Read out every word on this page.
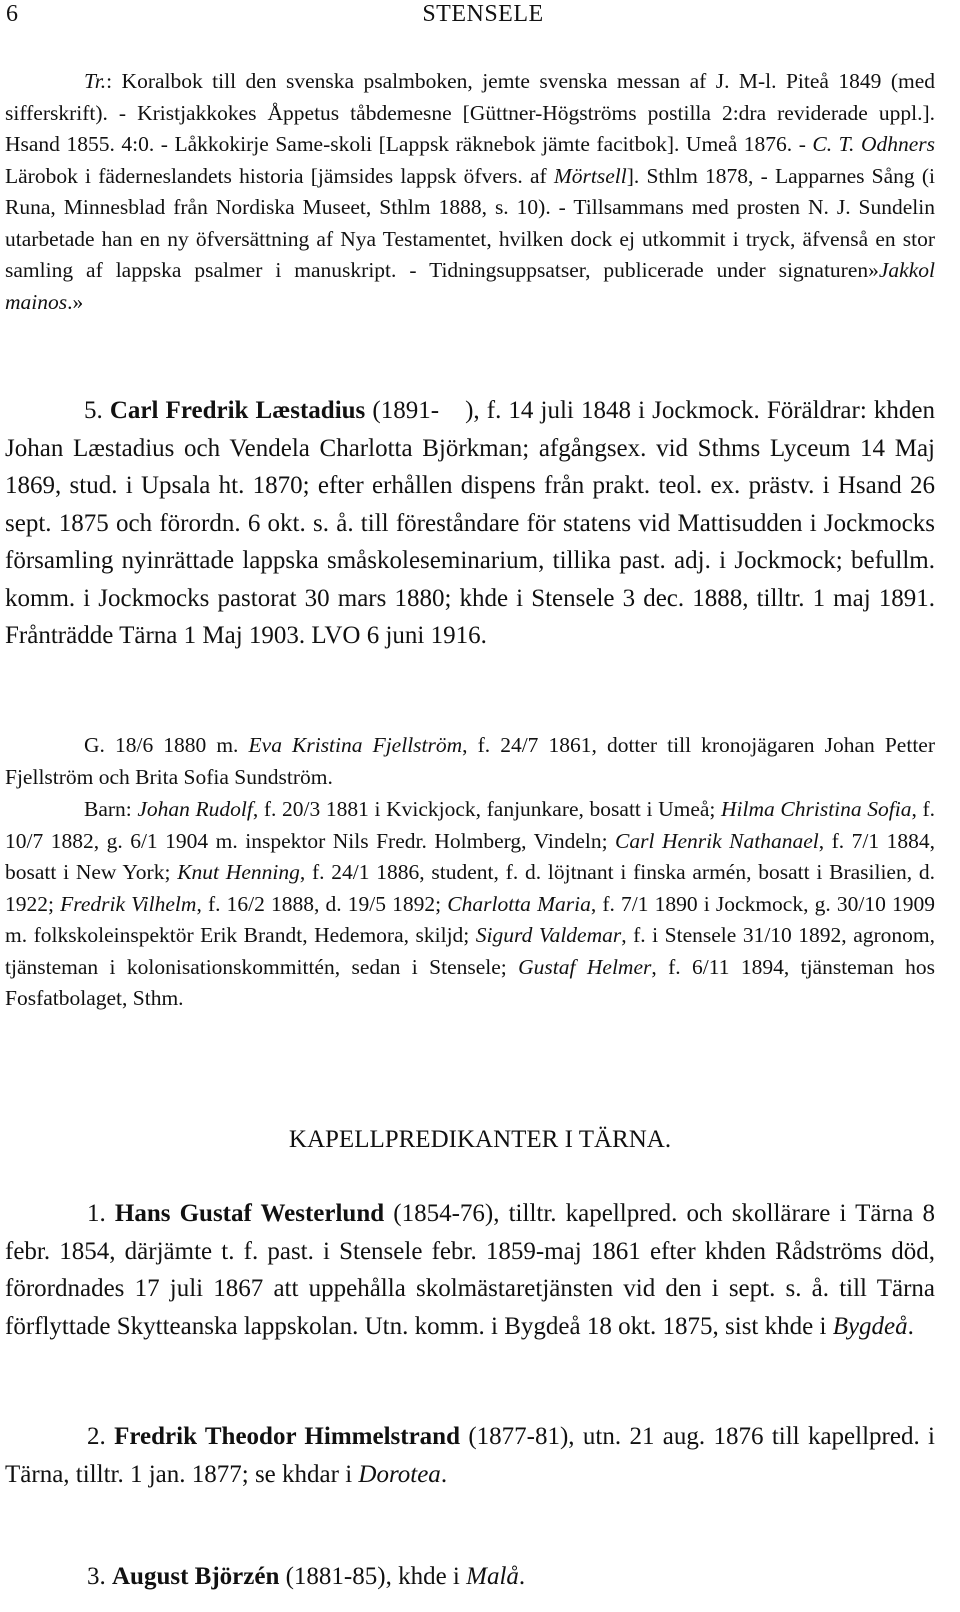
6	STENSELE

Tr.: Koralbok till den svenska psalmboken, jemte svenska messan af J. M-l. Piteå 1849 (med sifferskrift). - Kristjakkokes Åppetus tåbdemesne [Güttner-Högströms postilla 2:dra reviderade uppl.]. Hsand 1855. 4:0. - Låkkokirje Same-skoli [Lappsk räknebok jämte facitbok]. Umeå 1876. - C. T. Odhners Lärobok i fäderneslandets historia [jämsides lappsk öfvers. af Mörtsell]. Sthlm 1878, - Lapparnes Sång (i Runa, Minnesblad från Nordiska Museet, Sthlm 1888, s. 10). - Tillsammans med prosten N. J. Sundelin utarbetade han en ny öfversättning af Nya Testamentet, hvilken dock ej utkommit i tryck, äfvenså en stor samling af lappska psalmer i manuskript. - Tidningsuppsatser, publicerade under signaturen»Jakkol mainos.»

5. Carl Fredrik Læstadius (1891- ), f. 14 juli 1848 i Jockmock. Föräldrar: khden Johan Læstadius och Vendela Charlotta Björkman; afgångsex. vid Sthms Lyceum 14 Maj 1869, stud. i Upsala ht. 1870; efter erhållen dispens från prakt. teol. ex. prästv. i Hsand 26 sept. 1875 och förordn. 6 okt. s. å. till föreståndare för statens vid Mattisudden i Jockmocks församling nyinrättade lappska småskoleseminarium, tillika past. adj. i Jockmock; befullm. komm. i Jockmocks pastorat 30 mars 1880; khde i Stensele 3 dec. 1888, tilltr. 1 maj 1891. Frånträdde Tärna 1 Maj 1903. LVO 6 juni 1916.

G. 18/6 1880 m. Eva Kristina Fjellström, f. 24/7 1861, dotter till kronojägaren Johan Petter Fjellström och Brita Sofia Sundström.

Barn: Johan Rudolf, f. 20/3 1881 i Kvickjock, fanjunkare, bosatt i Umeå; Hilma Christina Sofia, f. 10/7 1882, g. 6/1 1904 m. inspektor Nils Fredr. Holmberg, Vindeln; Carl Henrik Nathanael, f. 7/1 1884, bosatt i New York; Knut Henning, f. 24/1 1886, student, f. d. löjtnant i finska armén, bosatt i Brasilien, d. 1922; Fredrik Vilhelm, f. 16/2 1888, d. 19/5 1892; Charlotta Maria, f. 7/1 1890 i Jockmock, g. 30/10 1909 m. folkskoleinspektör Erik Brandt, Hedemora, skiljd; Sigurd Valdemar, f. i Stensele 31/10 1892, agronom, tjänsteman i kolonisationskommittén, sedan i Stensele; Gustaf Helmer, f. 6/11 1894, tjänsteman hos Fosfatbolaget, Sthm.

KAPELLPREDIKANTER I TÄRNA.

1. Hans Gustaf Westerlund (1854-76), tilltr. kapellpred. och skollärare i Tärna 8 febr. 1854, därjämte t. f. past. i Stensele febr. 1859-maj 1861 efter khden Rådströms död, förordnades 17 juli 1867 att uppehålla skolmästaretjänsten vid den i sept. s. å. till Tärna förflyttade Skytteanska lappskolan. Utn. komm. i Bygdeå 18 okt. 1875, sist khde i Bygdeå.

2. Fredrik Theodor Himmelstrand (1877-81), utn. 21 aug. 1876 till kapellpred. i Tärna, tilltr. 1 jan. 1877; se khdar i Dorotea.

3. August Björzén (1881-85), khde i Malå.
